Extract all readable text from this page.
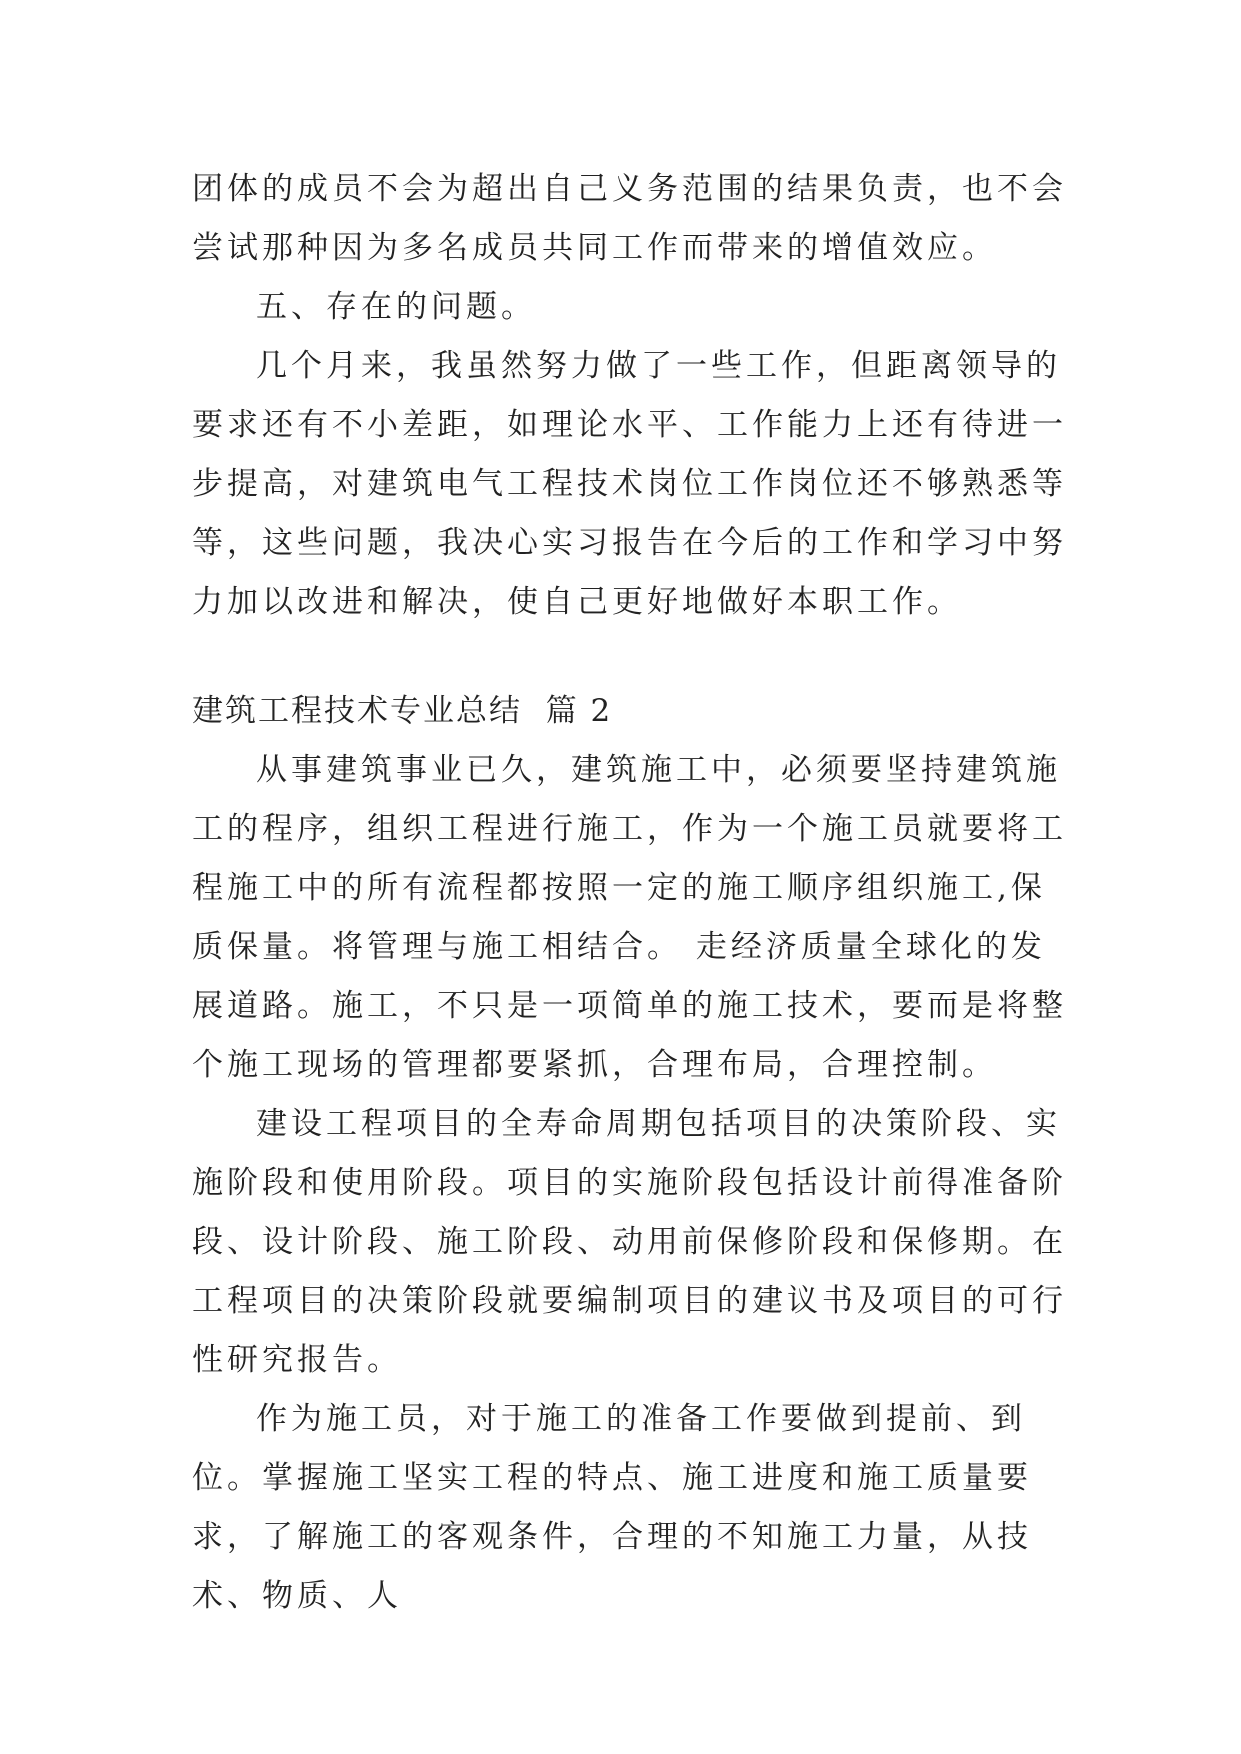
团体的成员不会为超出自己义务范围的结果负责，也不会尝试那种因为多名成员共同工作而带来的增值效应。

五、存在的问题。

几个月来，我虽然努力做了一些工作，但距离领导的要求还有不小差距，如理论水平、工作能力上还有待进一步提高，对建筑电气工程技术岗位工作岗位还不够熟悉等等，这些问题，我决心实习报告在今后的工作和学习中努力加以改进和解决，使自己更好地做好本职工作。

建筑工程技术专业总结  篇 2

从事建筑事业已久，建筑施工中，必须要坚持建筑施工的程序，组织工程进行施工，作为一个施工员就要将工程施工中的所有流程都按照一定的施工顺序组织施工,保质保量。将管理与施工相结合。 走经济质量全球化的发展道路。施工，不只是一项简单的施工技术，要而是将整个施工现场的管理都要紧抓，合理布局，合理控制。

建设工程项目的全寿命周期包括项目的决策阶段、实施阶段和使用阶段。项目的实施阶段包括设计前得准备阶段、设计阶段、施工阶段、动用前保修阶段和保修期。在工程项目的决策阶段就要编制项目的建议书及项目的可行性研究报告。

作为施工员，对于施工的准备工作要做到提前、到位。掌握施工坚实工程的特点、施工进度和施工质量要求，了解施工的客观条件，合理的不知施工力量，从技术、物质、人
